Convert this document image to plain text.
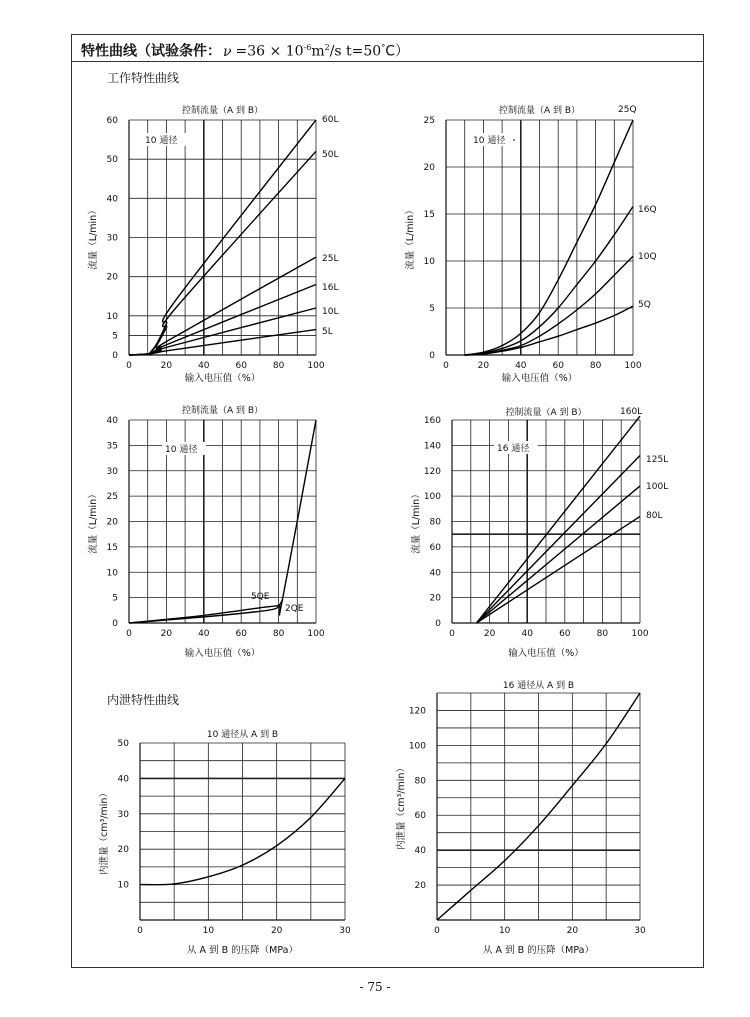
特性曲线（试验条件： $\nu =36 \times 10^{-6}m^2/s$ t=50°C）
工作特性曲线
内泄特性曲线
0	20	40	60	80	100
0
5
10
20
30
40
50
60
控制流量（A 到 B）
输入电压值（%）
流量（L/min）
10 通径
60L
50L
25L
16L
10L
5L
0	20	40	60	80	100
0
5
10
15
20
25
控制流量（A 到 B）
输入电压值（%）
流量（L/min）
10 通径
25Q
16Q
10Q
5Q
0	20	40	60	80	100
0
5
10
15
20
25
30
35
40
控制流量（A 到 B）
输入电压值（%）
流量（L/min）
10 通径
5QE
2QE
0	20	40	60	80	100
0
20
40
60
80
100
120
140
160
控制流量（A 到 B）
输入电压值（%）
流量（L/min）
16 通径
160L
125L
100L
80L
0	10	20	30
10
20
30
40
50
10 通径从 A 到 B
从 A 到 B 的压降（MPa）
内泄量（cm³/min）
0	10	20	30
20
40
60
80
100
120
16 通径从 A 到 B
从 A 到 B 的压降（MPa）
内泄量（cm³/min）
- 75 -
